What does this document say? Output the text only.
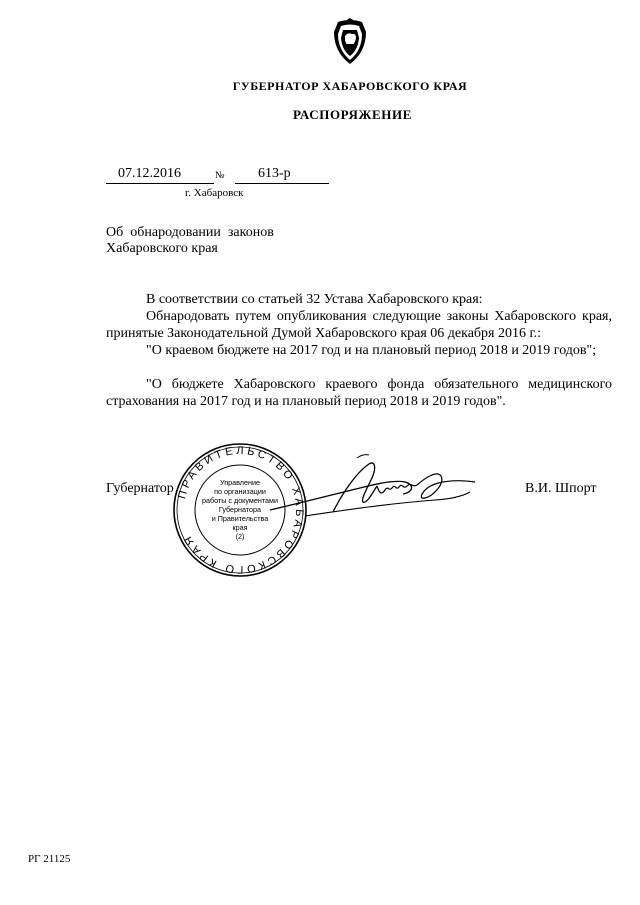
ГУБЕРНАТОР ХАБАРОВСКОГО КРАЯ
РАСПОРЯЖЕНИЕ
07.12.2016	№ 613-р
г. Хабаровск
Об  обнародовании  законов
Хабаровского края
В соответствии со статьей 32 Устава Хабаровского края:
Обнародовать путем опубликования следующие законы Хабаровского края, принятые Законодательной Думой Хабаровского края 06 декабря 2016 г.:
"О краевом бюджете на 2017 год и на плановый период 2018 и 2019 годов";
"О бюджете Хабаровского краевого фонда обязательного медицинского страхования на 2017 год и на плановый период 2018 и 2019 годов".
Губернатор	В.И. Шпорт
ПРАВИТЕЛЬСТВО ХАБАРОВСКОГО КРАЯ
Управление
по организации
работы с документами
Губернатора
и Правительства
края
(2)
РГ 21125
